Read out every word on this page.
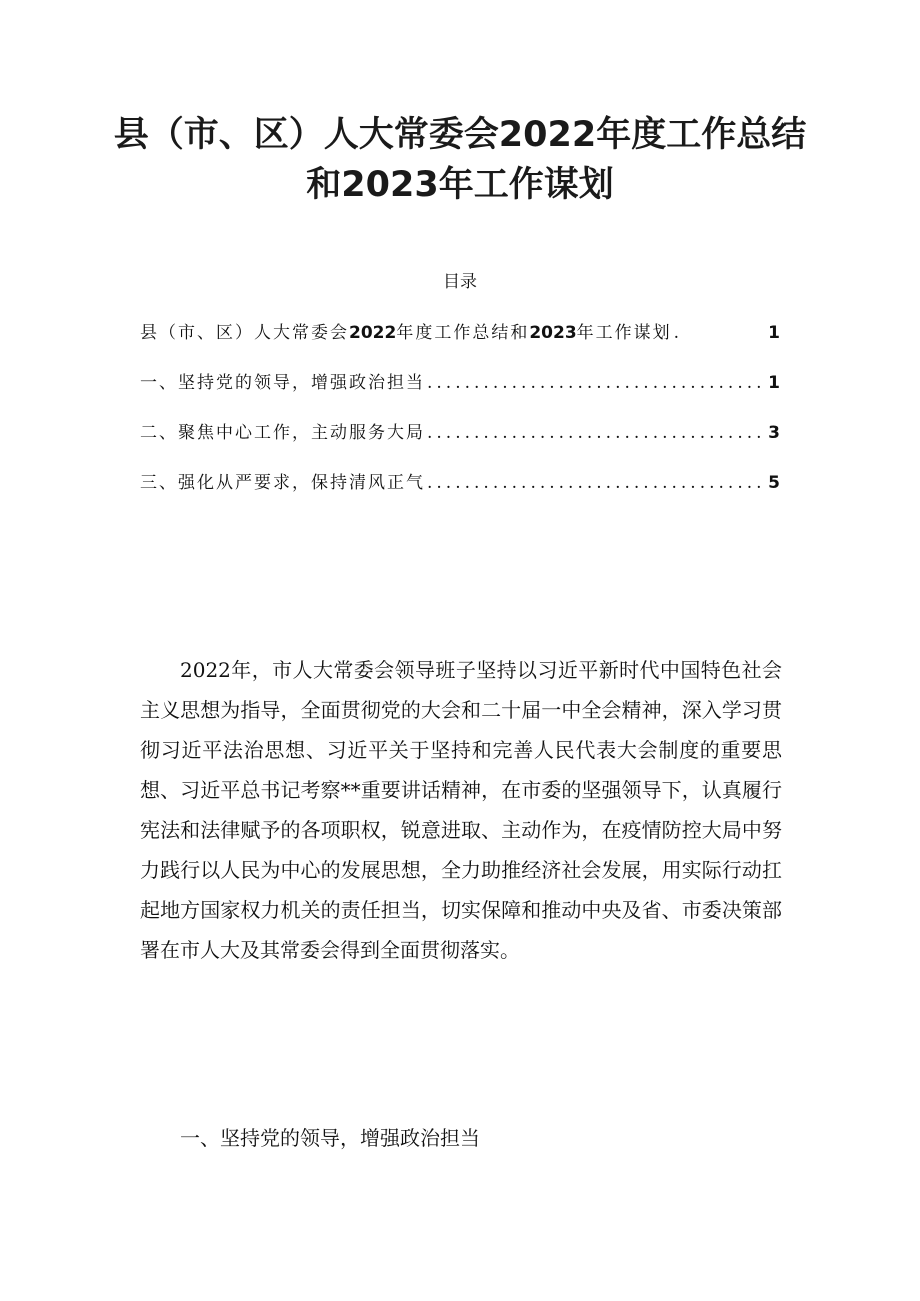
县（市、区）人大常委会2022年度工作总结和2023年工作谋划
目录
县（市、区）人大常委会2022年度工作总结和2023年工作谋划 .	1
一、坚持党的领导，增强政治担当 .....	1
二、聚焦中心工作，主动服务大局 .....	3
三、强化从严要求，保持清风正气 .....	5

2022年，市人大常委会领导班子坚持以习近平新时代中国特色社会主义思想为指导，全面贯彻党的大会和二十届一中全会精神，深入学习贯彻习近平法治思想、习近平关于坚持和完善人民代表大会制度的重要思想、习近平总书记考察**重要讲话精神，在市委的坚强领导下，认真履行宪法和法律赋予的各项职权，锐意进取、主动作为，在疫情防控大局中努力践行以人民为中心的发展思想，全力助推经济社会发展，用实际行动扛起地方国家权力机关的责任担当，切实保障和推动中央及省、市委决策部署在市人大及其常委会得到全面贯彻落实。

一、坚持党的领导，增强政治担当
